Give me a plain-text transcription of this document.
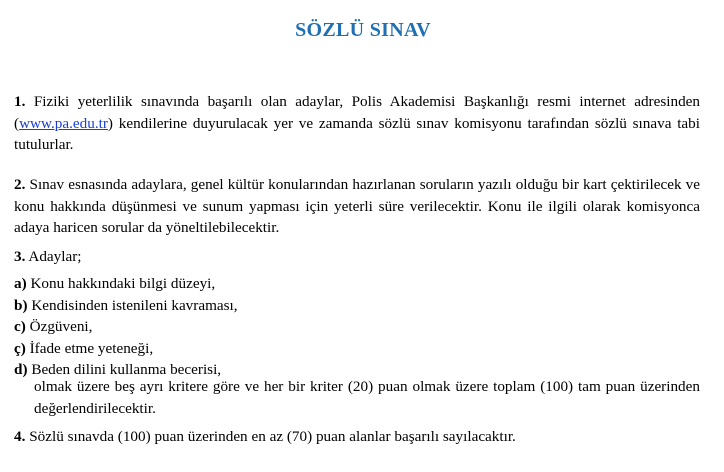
SÖZLÜ SINAV

1. Fiziki yeterlilik sınavında başarılı olan adaylar, Polis Akademisi Başkanlığı resmi internet adresinden (www.pa.edu.tr) kendilerine duyurulacak yer ve zamanda sözlü sınav komisyonu tarafından sözlü sınava tabi tutulurlar.

2. Sınav esnasında adaylara, genel kültür konularından hazırlanan soruların yazılı olduğu bir kart çektirilecek ve konu hakkında düşünmesi ve sunum yapması için yeterli süre verilecektir. Konu ile ilgili olarak komisyonca adaya haricen sorular da yöneltilebilecektir.

3. Adaylar;

a) Konu hakkındaki bilgi düzeyi,
b) Kendisinden istenileni kavraması,
c) Özgüveni,
ç) İfade etme yeteneği,
d) Beden dilini kullanma becerisi,

olmak üzere beş ayrı kritere göre ve her bir kriter (20) puan olmak üzere toplam (100) tam puan üzerinden değerlendirilecektir.

4. Sözlü sınavda (100) puan üzerinden en az (70) puan alanlar başarılı sayılacaktır.
